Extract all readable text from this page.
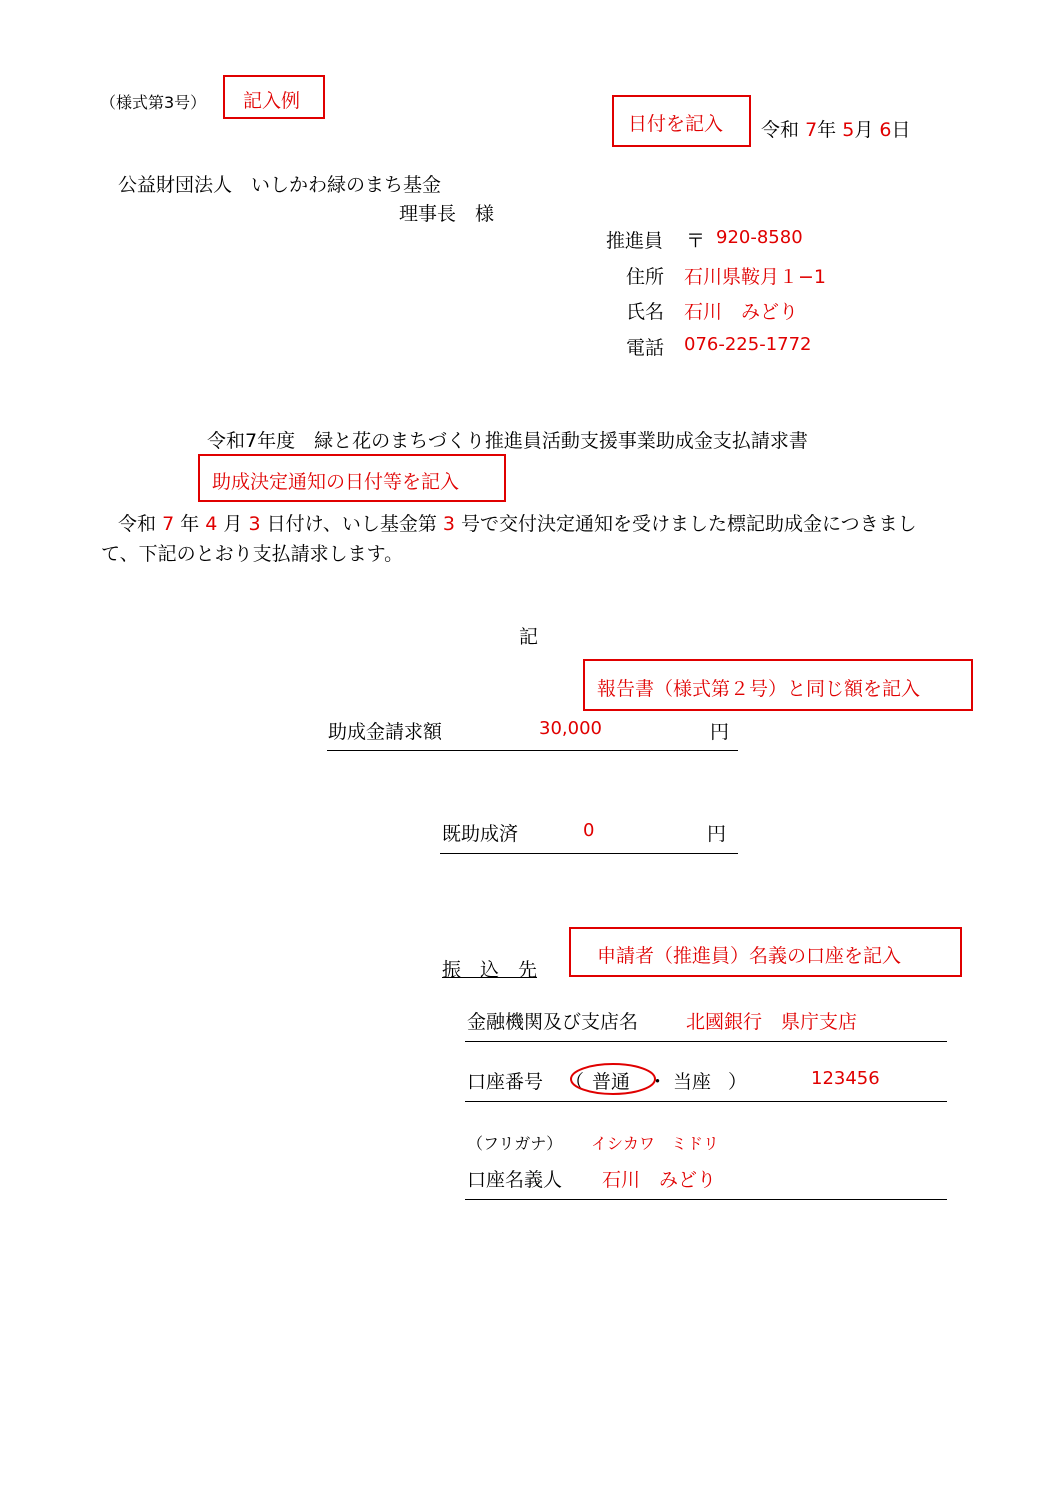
（様式第3号）	記入例
日付を記入	令和 7年 5月 6日
公益財団法人　いしかわ緑のまち基金
理事長　様
推進員 〒 920-8580
住所 石川県鞍月１−1
氏名 石川　みどり
電話 076-225-1772
令和7年度　緑と花のまちづくり推進員活動支援事業助成金支払請求書
助成決定通知の日付等を記入
令和 7 年 4 月 3 日付け、いし基金第 3 号で交付決定通知を受けました標記助成金につきまし
て、下記のとおり支払請求します。
記
報告書（様式第２号）と同じ額を記入
助成金請求額	30,000	円
既助成済	0	円
振　込　先
申請者（推進員）名義の口座を記入
金融機関及び支店名	北國銀行　県庁支店
口座番号 （ 普通 ・ 当座 ）	123456
（フリガナ） イシカワ　ミドリ
口座名義人 石川　みどり
